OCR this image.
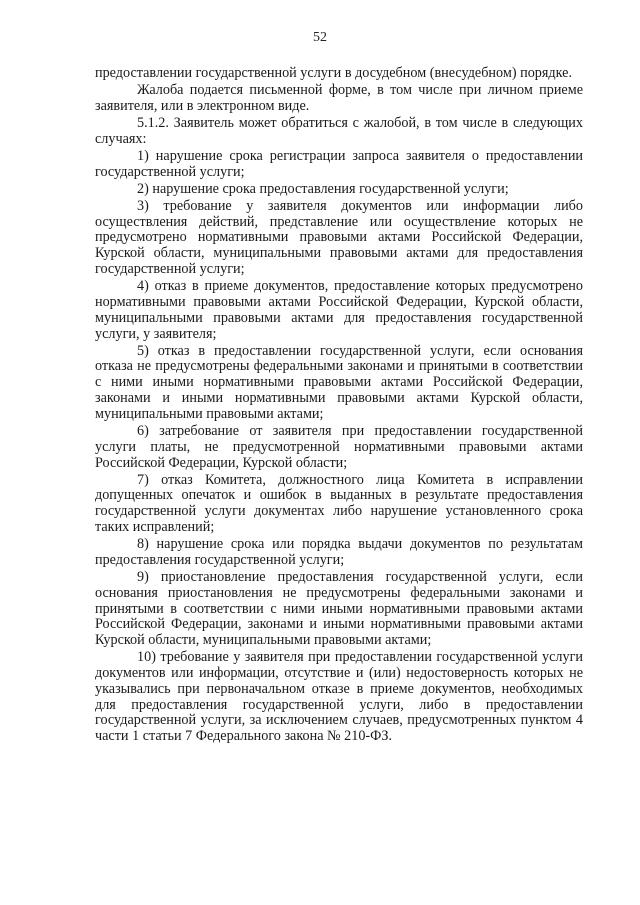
52

предоставлении государственной услуги в досудебном (внесудебном) порядке.

Жалоба подается письменной форме, в том числе при личном приеме заявителя, или в электронном виде.

5.1.2. Заявитель может обратиться с жалобой, в том числе в следующих случаях:

1) нарушение срока регистрации запроса заявителя о предоставлении государственной услуги;

2) нарушение срока предоставления государственной услуги;

3) требование у заявителя документов или информации либо осуществления действий, представление или осуществление которых не предусмотрено нормативными правовыми актами Российской Федерации, Курской области, муниципальными правовыми актами для предоставления государственной услуги;

4) отказ в приеме документов, предоставление которых предусмотрено нормативными правовыми актами Российской Федерации, Курской области, муниципальными правовыми актами для предоставления государственной услуги, у заявителя;

5) отказ в предоставлении государственной услуги, если основания отказа не предусмотрены федеральными законами и принятыми в соответствии с ними иными нормативными правовыми актами Российской Федерации, законами и иными нормативными правовыми актами Курской области, муниципальными правовыми актами;

6) затребование от заявителя при предоставлении государственной услуги платы, не предусмотренной нормативными правовыми актами Российской Федерации, Курской области;

7) отказ Комитета, должностного лица Комитета в исправлении допущенных опечаток и ошибок в выданных в результате предоставления государственной услуги документах либо нарушение установленного срока таких исправлений;

8) нарушение срока или порядка выдачи документов по результатам предоставления государственной услуги;

9) приостановление предоставления государственной услуги, если основания приостановления не предусмотрены федеральными законами и принятыми в соответствии с ними иными нормативными правовыми актами Российской Федерации, законами и иными нормативными правовыми актами Курской области, муниципальными правовыми актами;

10) требование у заявителя при предоставлении государственной услуги документов или информации, отсутствие и (или) недостоверность которых не указывались при первоначальном отказе в приеме документов, необходимых для предоставления государственной услуги, либо в предоставлении государственной услуги, за исключением случаев, предусмотренных пунктом 4 части 1 статьи 7 Федерального закона № 210-ФЗ.
